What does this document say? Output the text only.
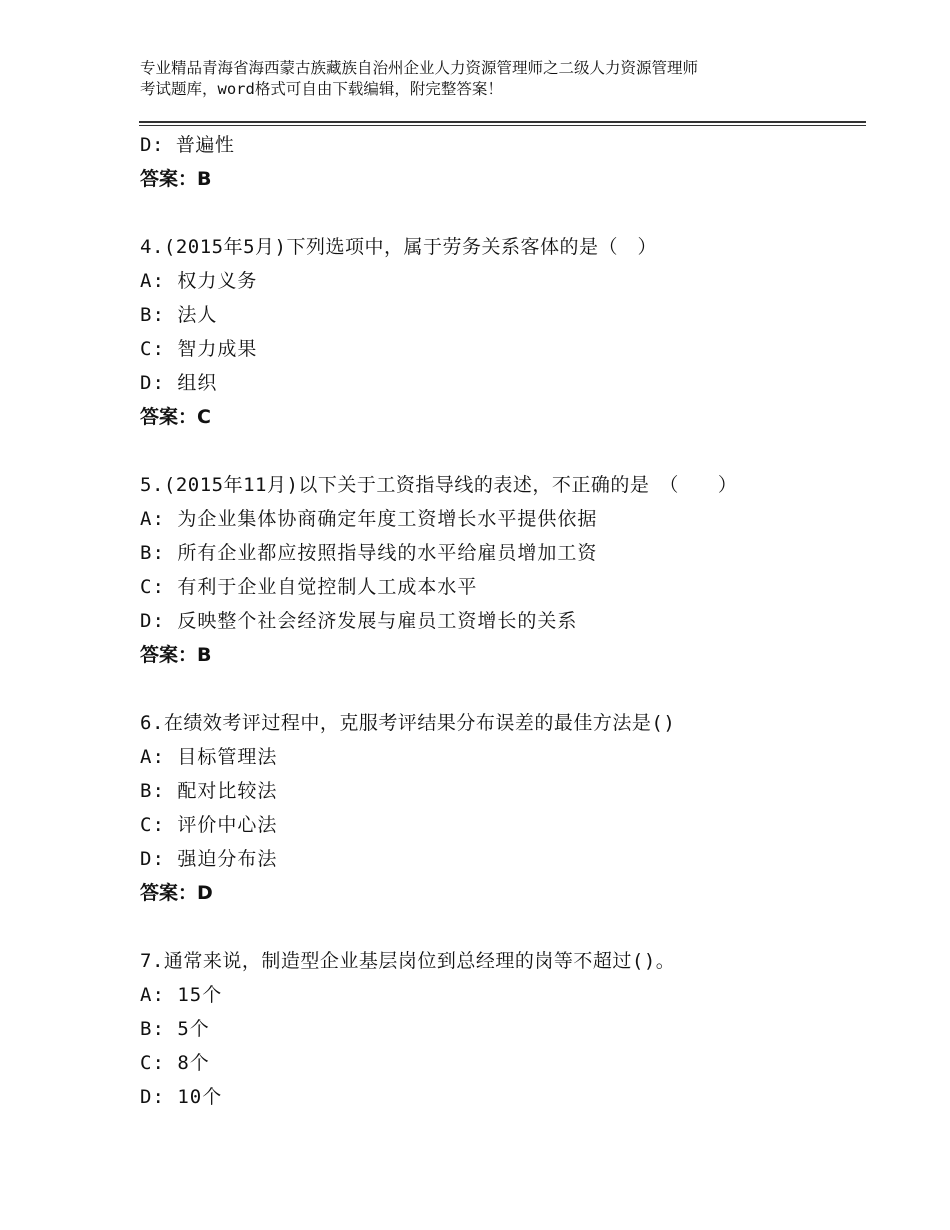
专业精品青海省海西蒙古族藏族自治州企业人力资源管理师之二级人力资源管理师
考试题库，word格式可自由下载编辑，附完整答案！
D: 普遍性
答案：B
4.(2015年5月)下列选项中，属于劳务关系客体的是（　）
A: 权力义务
B: 法人
C: 智力成果
D: 组织
答案：C
5.(2015年11月)以下关于工资指导线的表述，不正确的是　（　　）
A: 为企业集体协商确定年度工资增长水平提供依据
B: 所有企业都应按照指导线的水平给雇员增加工资
C: 有利于企业自觉控制人工成本水平
D: 反映整个社会经济发展与雇员工资增长的关系
答案：B
6.在绩效考评过程中，克服考评结果分布误差的最佳方法是()
A: 目标管理法
B: 配对比较法
C: 评价中心法
D: 强迫分布法
答案：D
7.通常来说，制造型企业基层岗位到总经理的岗等不超过()。
A: 15个
B: 5个
C: 8个
D: 10个
